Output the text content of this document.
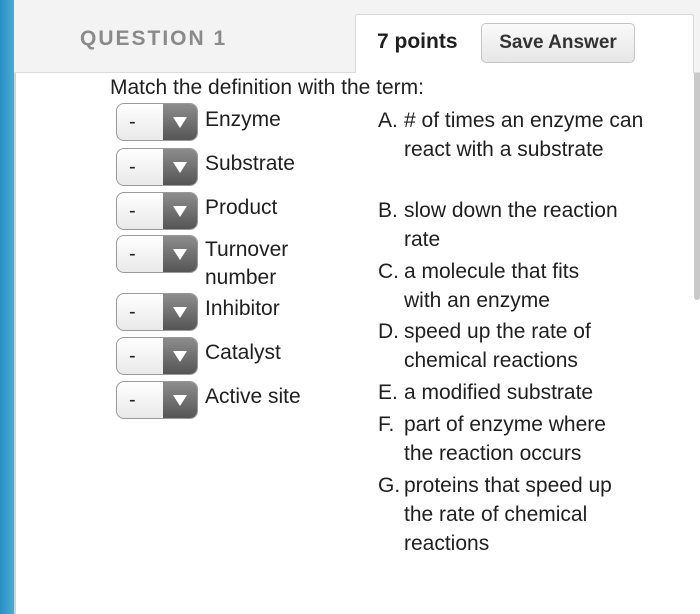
QUESTION 1	7 points	Save Answer
Match the definition with the term:
-	Enzyme
-	Substrate
-	Product
-	Turnover number
-	Inhibitor
-	Catalyst
-	Active site
A. # of times an enzyme can react with a substrate
B. slow down the reaction rate
C. a molecule that fits with an enzyme
D. speed up the rate of chemical reactions
E. a modified substrate
F. part of enzyme where the reaction occurs
G. proteins that speed up the rate of chemical reactions
